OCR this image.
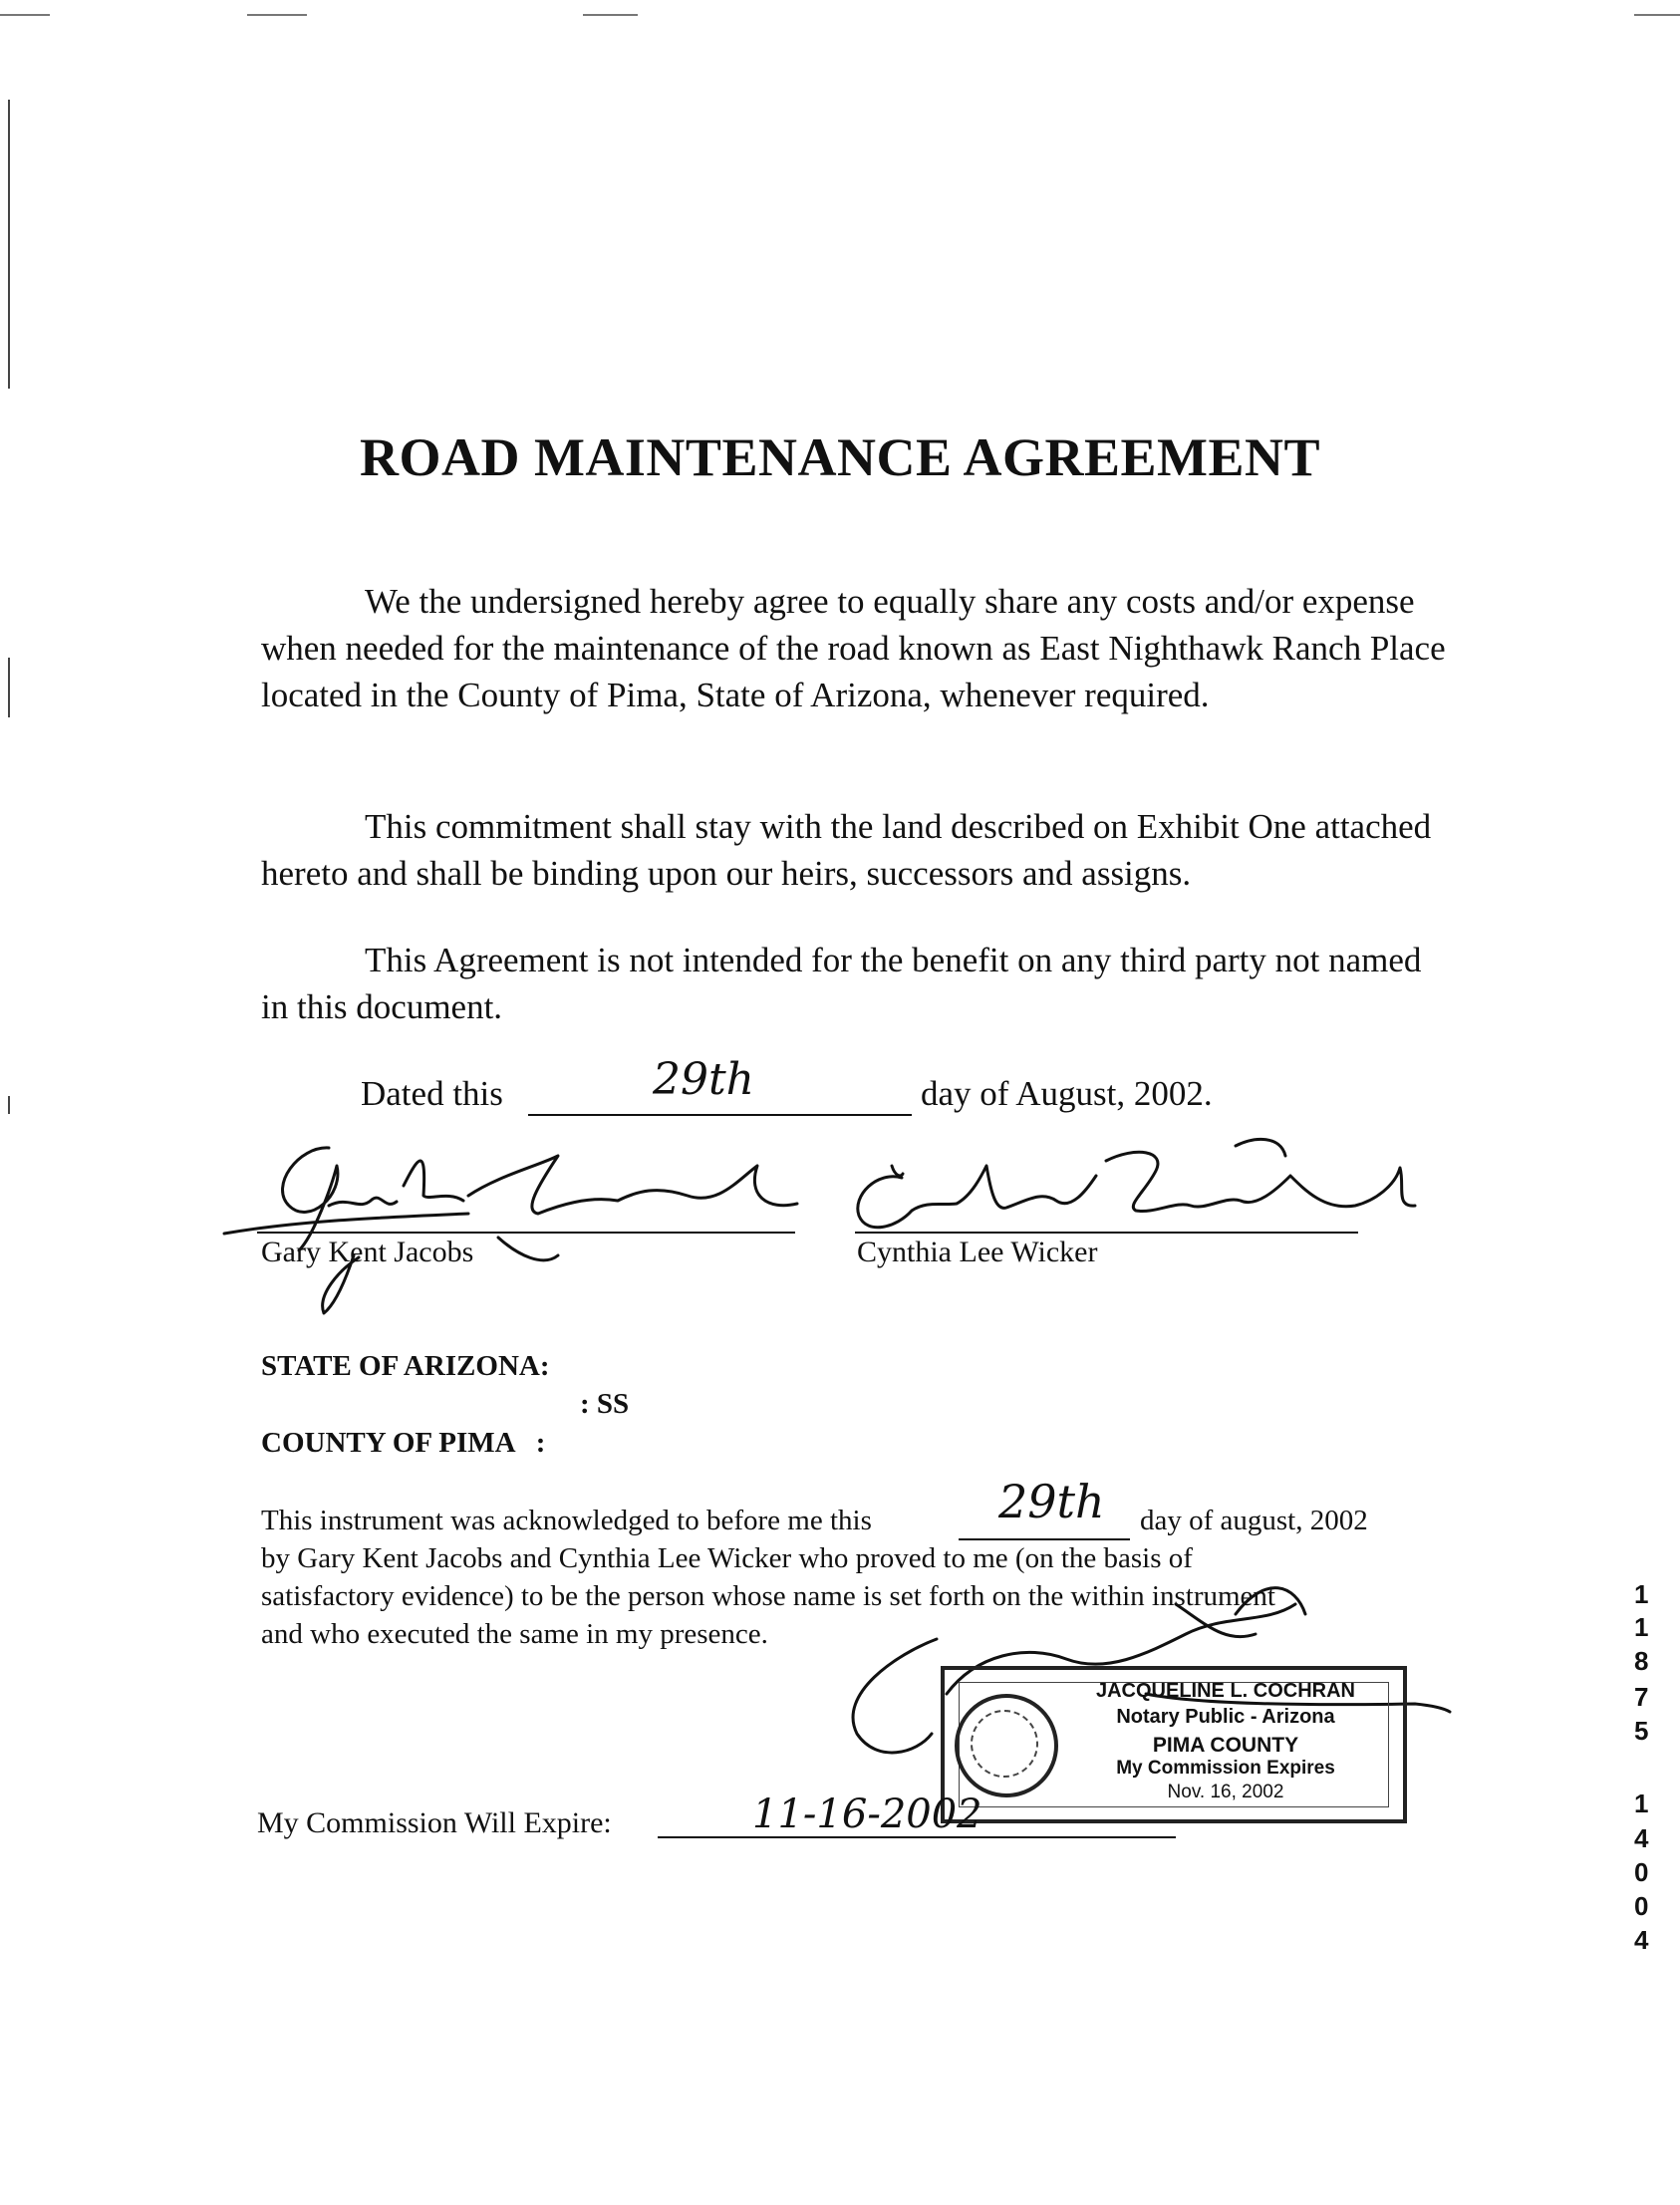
ROAD MAINTENANCE AGREEMENT
We the undersigned hereby agree to equally share any costs and/or expense when needed for the maintenance of the road known as East Nighthawk Ranch Place located in the County of Pima, State of Arizona, whenever required.
This commitment shall stay with the land described on Exhibit One attached hereto and shall be binding upon our heirs, successors and assigns.
This Agreement is not intended for the benefit on any third party not named in this document.
Dated this	29th	day of August, 2002.
Gary Kent Jacobs	Cynthia Lee Wicker
STATE OF ARIZONA:
: SS
COUNTY OF PIMA   :
This instrument was acknowledged to before me this	29th day of august, 2002
by Gary Kent Jacobs and Cynthia Lee Wicker who proved to me (on the basis of
satisfactory evidence) to be the person whose name is set forth on the within instrument
and who executed the same in my presence.
JACQUELINE L. COCHRAN
Notary Public - Arizona
PIMA COUNTY
My Commission Expires
Nov. 16, 2002
My Commission Will Expire:	11-16-2002
1
1
8
7
5
1
4
0
0
4
